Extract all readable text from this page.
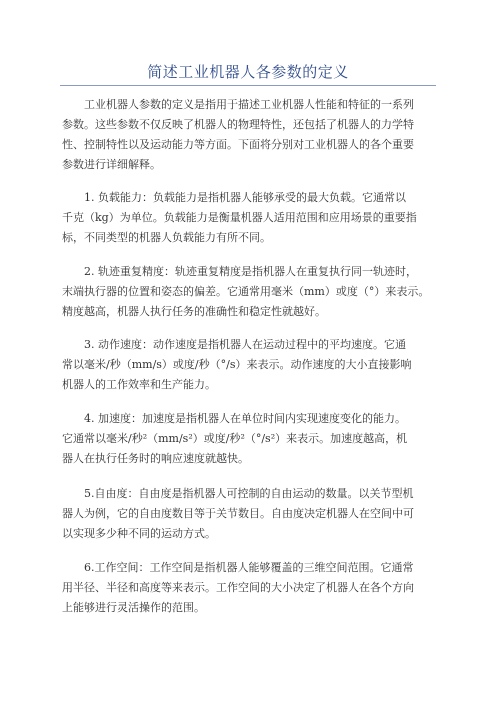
简述工业机器人各参数的定义
工业机器人参数的定义是指用于描述工业机器人性能和特征的一系列
参数。这些参数不仅反映了机器人的物理特性，还包括了机器人的力学特
性、控制特性以及运动能力等方面。下面将分别对工业机器人的各个重要
参数进行详细解释。
1. 负载能力：负载能力是指机器人能够承受的最大负载。它通常以
千克（kg）为单位。负载能力是衡量机器人适用范围和应用场景的重要指
标，不同类型的机器人负载能力有所不同。
2. 轨迹重复精度：轨迹重复精度是指机器人在重复执行同一轨迹时，
末端执行器的位置和姿态的偏差。它通常用毫米（mm）或度（°）来表示。
精度越高，机器人执行任务的准确性和稳定性就越好。
3. 动作速度：动作速度是指机器人在运动过程中的平均速度。它通
常以毫米/秒（mm/s）或度/秒（°/s）来表示。动作速度的大小直接影响
机器人的工作效率和生产能力。
4. 加速度：加速度是指机器人在单位时间内实现速度变化的能力。
它通常以毫米/秒²（mm/s²）或度/秒²（°/s²）来表示。加速度越高，机
器人在执行任务时的响应速度就越快。
5.自由度：自由度是指机器人可控制的自由运动的数量。以关节型机
器人为例，它的自由度数目等于关节数目。自由度决定机器人在空间中可
以实现多少种不同的运动方式。
6.工作空间：工作空间是指机器人能够覆盖的三维空间范围。它通常
用半径、半径和高度等来表示。工作空间的大小决定了机器人在各个方向
上能够进行灵活操作的范围。
